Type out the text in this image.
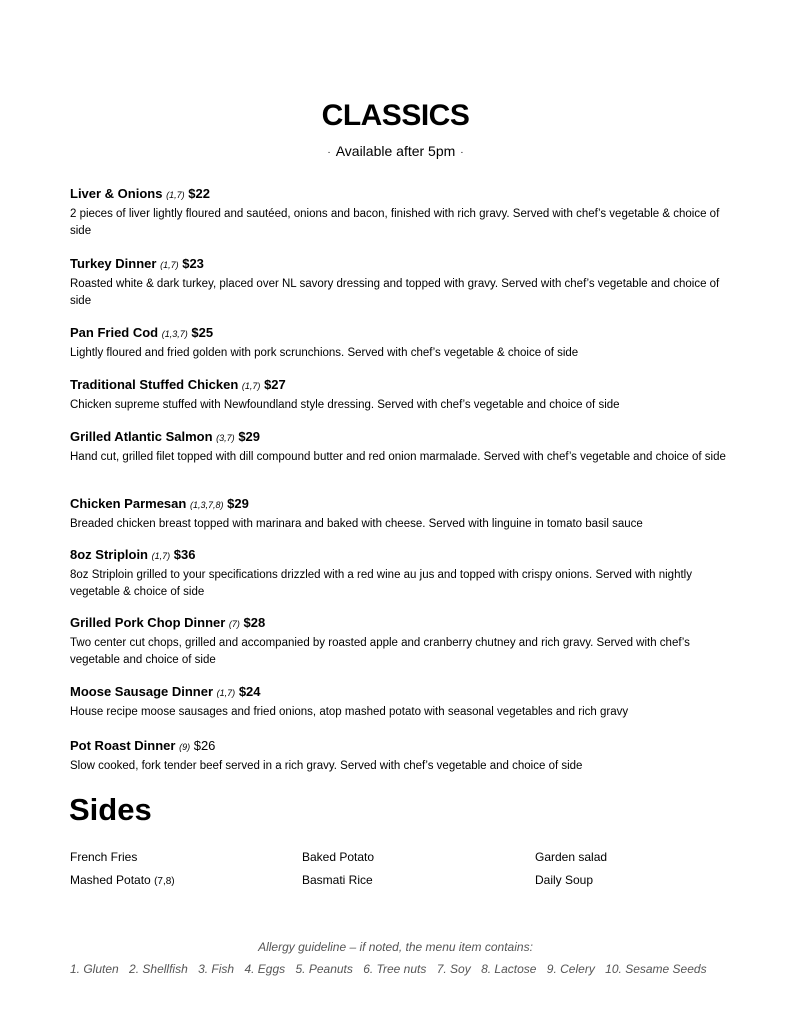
CLASSICS
· Available after 5pm ·
Liver & Onions (1,7) $22
2 pieces of liver lightly floured and sautéed, onions and bacon, finished with rich gravy. Served with chef’s vegetable & choice of side
Turkey Dinner (1,7) $23
Roasted white & dark turkey, placed over NL savory dressing and topped with gravy. Served with chef’s vegetable and choice of side
Pan Fried Cod (1,3,7) $25
Lightly floured and fried golden with pork scrunchions. Served with chef’s vegetable & choice of side
Traditional Stuffed Chicken (1,7) $27
Chicken supreme stuffed with Newfoundland style dressing. Served with chef’s vegetable and choice of side
Grilled Atlantic Salmon (3,7) $29
Hand cut, grilled filet topped with dill compound butter and red onion marmalade. Served with chef’s vegetable and choice of side
Chicken Parmesan (1,3,7,8) $29
Breaded chicken breast topped with marinara and baked with cheese. Served with linguine in tomato basil sauce
8oz Striploin (1,7) $36
8oz Striploin grilled to your specifications drizzled with a red wine au jus and topped with crispy onions. Served with nightly vegetable & choice of side
Grilled Pork Chop Dinner (7) $28
Two center cut chops, grilled and accompanied by roasted apple and cranberry chutney and rich gravy. Served with chef’s vegetable and choice of side
Moose Sausage Dinner (1,7) $24
House recipe moose sausages and fried onions, atop mashed potato with seasonal vegetables and rich gravy
Pot Roast Dinner (9) $26
Slow cooked, fork tender beef served in a rich gravy. Served with chef’s vegetable and choice of side
Sides
French Fries	Baked Potato	Garden salad
Mashed Potato (7,8)	Basmati Rice	Daily Soup
Allergy guideline – if noted, the menu item contains:
1. Gluten 2. Shellfish 3. Fish 4. Eggs 5. Peanuts 6. Tree nuts 7. Soy 8. Lactose 9. Celery 10. Sesame Seeds
